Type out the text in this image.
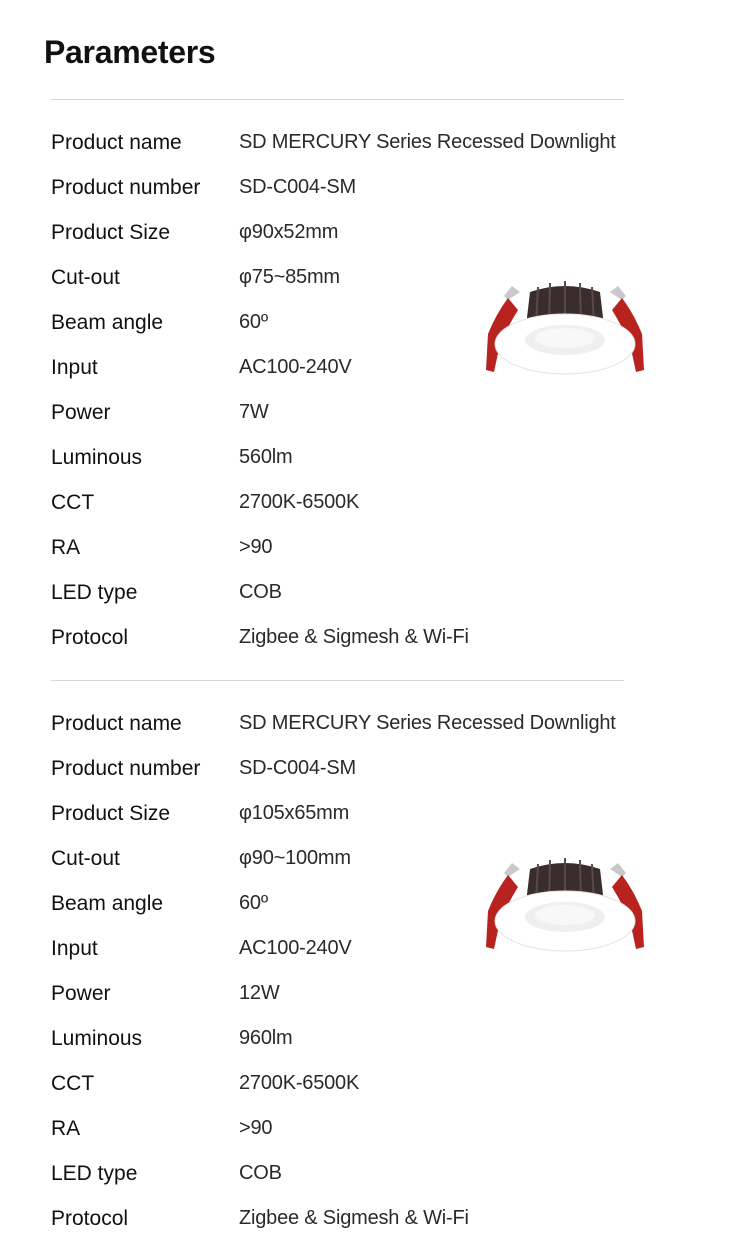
Parameters
Product name	SD MERCURY Series Recessed Downlight
Product number SD-C004-SM
Product Size	φ90x52mm
Cut-out	φ75~85mm
Beam angle	60º
Input	AC100-240V
Power	7W
Luminous	560lm
CCT	2700K-6500K
RA	>90
LED type	COB
Protocol	Zigbee & Sigmesh & Wi-Fi
Product name	SD MERCURY Series Recessed Downlight
Product number SD-C004-SM
Product Size	φ105x65mm
Cut-out	φ90~100mm
Beam angle	60º
Input	AC100-240V
Power	12W
Luminous	960lm
CCT	2700K-6500K
RA	>90
LED type	COB
Protocol	Zigbee & Sigmesh & Wi-Fi
